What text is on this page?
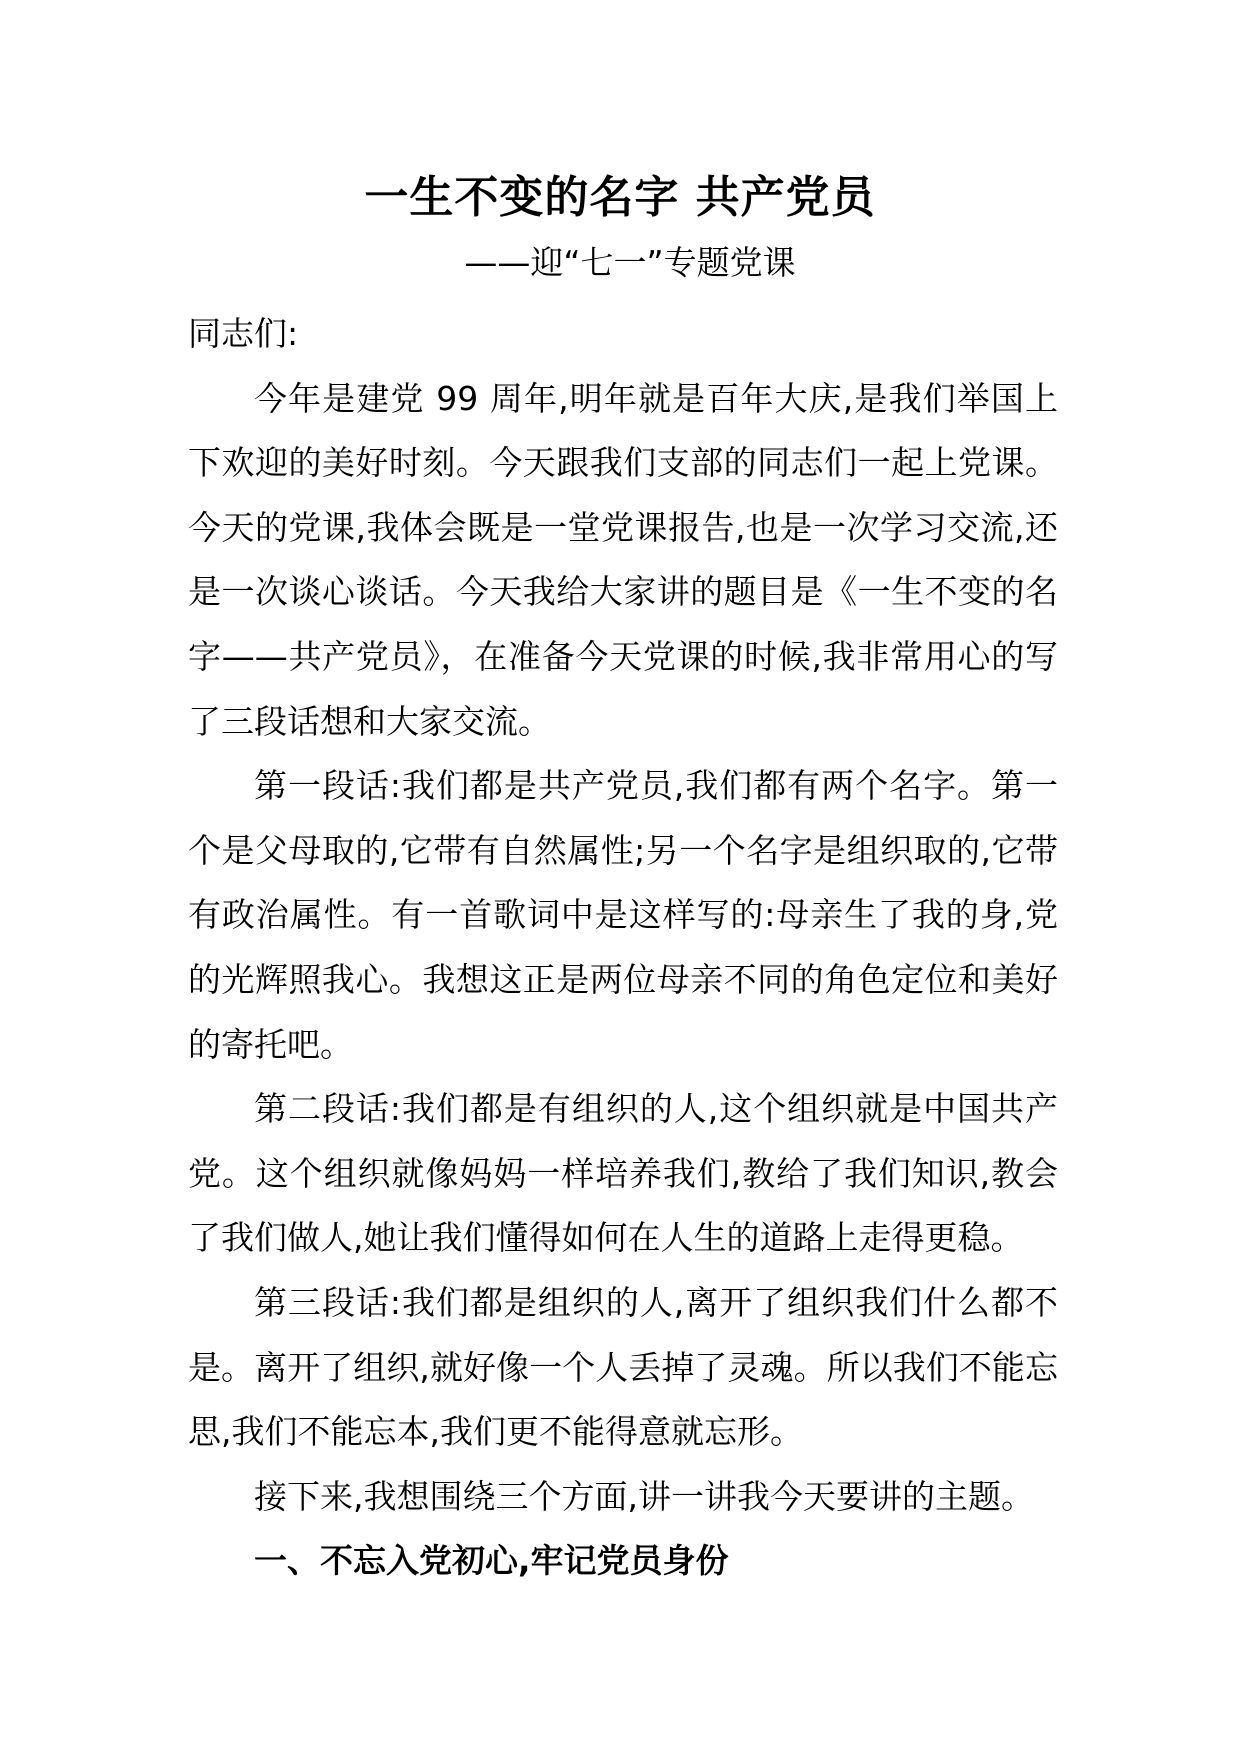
一生不变的名字 共产党员
——迎“七一”专题党课

同志们:

今年是建党 99 周年,明年就是百年大庆,是我们举国上下欢迎的美好时刻。今天跟我们支部的同志们一起上党课。今天的党课,我体会既是一堂党课报告,也是一次学习交流,还是一次谈心谈话。今天我给大家讲的题目是《一生不变的名字——共产党员》，在准备今天党课的时候,我非常用心的写了三段话想和大家交流。

第一段话:我们都是共产党员,我们都有两个名字。第一个是父母取的,它带有自然属性;另一个名字是组织取的,它带有政治属性。有一首歌词中是这样写的:母亲生了我的身,党的光辉照我心。我想这正是两位母亲不同的角色定位和美好的寄托吧。

第二段话:我们都是有组织的人,这个组织就是中国共产党。这个组织就像妈妈一样培养我们,教给了我们知识,教会了我们做人,她让我们懂得如何在人生的道路上走得更稳。

第三段话:我们都是组织的人,离开了组织我们什么都不是。离开了组织,就好像一个人丢掉了灵魂。所以我们不能忘思,我们不能忘本,我们更不能得意就忘形。

接下来,我想围绕三个方面,讲一讲我今天要讲的主题。

一、不忘入党初心,牢记党员身份
